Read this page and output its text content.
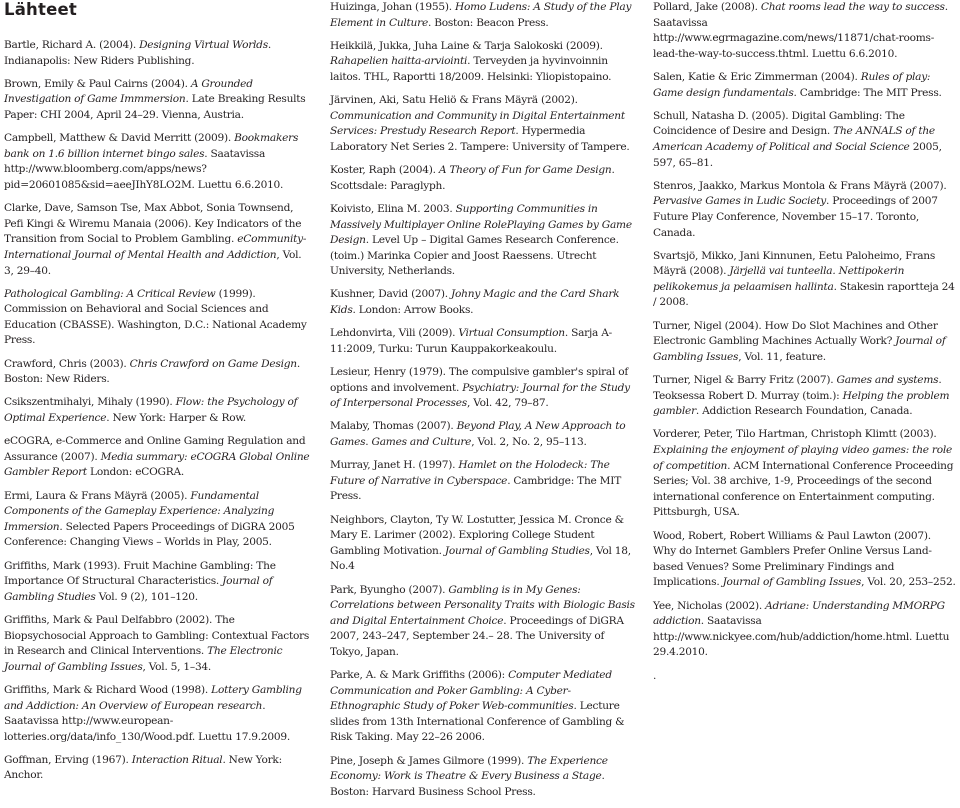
Lähteet

Bartle, Richard A. (2004). Designing Virtual Worlds. Indianapolis: New Riders Publishing.

Brown, Emily & Paul Cairns (2004). A Grounded Investigation of Game Immmersion. Late Breaking Results Paper: CHI 2004, April 24–29. Vienna, Austria.

Campbell, Matthew & David Merritt (2009). Bookmakers bank on 1.6 billion internet bingo sales. Saatavissa http://www.bloomberg.com/apps/news?pid=20601085&sid=aeeJIhY8LO2M. Luettu 6.6.2010.

Clarke, Dave, Samson Tse, Max Abbot, Sonia Townsend, Pefi Kingi & Wiremu Manaia (2006). Key Indicators of the Transition from Social to Problem Gambling. eCommunity-International Journal of Mental Health and Addiction, Vol. 3, 29–40.

Pathological Gambling: A Critical Review (1999). Commission on Behavioral and Social Sciences and Education (CBASSE). Washington, D.C.: National Academy Press.

Crawford, Chris (2003). Chris Crawford on Game Design. Boston: New Riders.

Csikszentmihalyi, Mihaly (1990). Flow: the Psychology of Optimal Experience. New York: Harper & Row.

eCOGRA, e-Commerce and Online Gaming Regulation and Assurance (2007). Media summary: eCOGRA Global Online Gambler Report London: eCOGRA.

Ermi, Laura & Frans Mäyrä (2005). Fundamental Components of the Gameplay Experience: Analyzing Immersion. Selected Papers Proceedings of DiGRA 2005 Conference: Changing Views – Worlds in Play, 2005.

Griffiths, Mark (1993). Fruit Machine Gambling: The Importance Of Structural Characteristics. Journal of Gambling Studies Vol. 9 (2), 101–120.

Griffiths, Mark & Paul Delfabbro (2002). The Biopsychosocial Approach to Gambling: Contextual Factors in Research and Clinical Interventions. The Electronic Journal of Gambling Issues, Vol. 5, 1–34.

Griffiths, Mark & Richard Wood (1998). Lottery Gambling and Addiction: An Overview of European research. Saatavissa http://www.european-lotteries.org/data/info_130/Wood.pdf. Luettu 17.9.2009.

Goffman, Erving (1967). Interaction Ritual. New York: Anchor.

Huizinga, Johan (1955). Homo Ludens: A Study of the Play Element in Culture. Boston: Beacon Press.

Heikkilä, Jukka, Juha Laine & Tarja Salokoski (2009). Rahapelien haitta-arviointi. Terveyden ja hyvinvoinnin laitos. THL, Raportti 18/2009. Helsinki: Yliopistopaino.

Järvinen, Aki, Satu Heliö & Frans Mäyrä (2002). Communication and Community in Digital Entertainment Services: Prestudy Research Report. Hypermedia Laboratory Net Series 2. Tampere: University of Tampere.

Koster, Raph (2004). A Theory of Fun for Game Design. Scottsdale: Paraglyph.

Koivisto, Elina M. 2003. Supporting Communities in Massively Multiplayer Online RolePlaying Games by Game Design. Level Up – Digital Games Research Conference. (toim.) Marinka Copier and Joost Raessens. Utrecht University, Netherlands.

Kushner, David (2007). Johny Magic and the Card Shark Kids. London: Arrow Books.

Lehdonvirta, Vili (2009). Virtual Consumption. Sarja A-11:2009, Turku: Turun Kauppakorkeakoulu.

Lesieur, Henry (1979). The compulsive gambler's spiral of options and involvement. Psychiatry: Journal for the Study of Interpersonal Processes, Vol. 42, 79–87.

Malaby, Thomas (2007). Beyond Play, A New Approach to Games. Games and Culture, Vol. 2, No. 2, 95–113.

Murray, Janet H. (1997). Hamlet on the Holodeck: The Future of Narrative in Cyberspace. Cambridge: The MIT Press.

Neighbors, Clayton, Ty W. Lostutter, Jessica M. Cronce & Mary E. Larimer (2002). Exploring College Student Gambling Motivation. Journal of Gambling Studies, Vol 18, No.4

Park, Byungho (2007). Gambling is in My Genes: Correlations between Personality Traits with Biologic Basis and Digital Entertainment Choice. Proceedings of DiGRA 2007, 243–247, September 24.– 28. The University of Tokyo, Japan.

Parke, A. & Mark Griffiths (2006): Computer Mediated Communication and Poker Gambling: A Cyber-Ethnographic Study of Poker Web-communities. Lecture slides from 13th International Conference of Gambling & Risk Taking. May 22–26 2006.

Pine, Joseph & James Gilmore (1999). The Experience Economy: Work is Theatre & Every Business a Stage. Boston: Harvard Business School Press.

Pollard, Jake (2008). Chat rooms lead the way to success. Saatavissa http://www.egrmagazine.com/news/11871/chat-rooms-lead-the-way-to-success.thtml. Luettu 6.6.2010.

Salen, Katie & Eric Zimmerman (2004). Rules of play: Game design fundamentals. Cambridge: The MIT Press.

Schull, Natasha D. (2005). Digital Gambling: The Coincidence of Desire and Design. The ANNALS of the American Academy of Political and Social Science 2005, 597, 65–81.

Stenros, Jaakko, Markus Montola & Frans Mäyrä (2007). Pervasive Games in Ludic Society. Proceedings of 2007 Future Play Conference, November 15–17. Toronto, Canada.

Svartsjö, Mikko, Jani Kinnunen, Eetu Paloheimo, Frans Mäyrä (2008). Järjellä vai tunteella. Nettipokerin pelikokemus ja pelaamisen hallinta. Stakesin raportteja 24 / 2008.

Turner, Nigel (2004). How Do Slot Machines and Other Electronic Gambling Machines Actually Work? Journal of Gambling Issues, Vol. 11, feature.

Turner, Nigel & Barry Fritz (2007). Games and systems. Teoksessa Robert D. Murray (toim.): Helping the problem gambler. Addiction Research Foundation, Canada.

Vorderer, Peter, Tilo Hartman, Christoph Klimtt (2003). Explaining the enjoyment of playing video games: the role of competition. ACM International Conference Proceeding Series; Vol. 38 archive, 1-9, Proceedings of the second international conference on Entertainment computing. Pittsburgh, USA.

Wood, Robert, Robert Williams & Paul Lawton (2007). Why do Internet Gamblers Prefer Online Versus Land-based Venues? Some Preliminary Findings and Implications. Journal of Gambling Issues, Vol. 20, 253–252.

Yee, Nicholas (2002). Adriane: Understanding MMORPG addiction. Saatavissa http://www.nickyee.com/hub/addiction/home.html. Luettu 29.4.2010.

.
